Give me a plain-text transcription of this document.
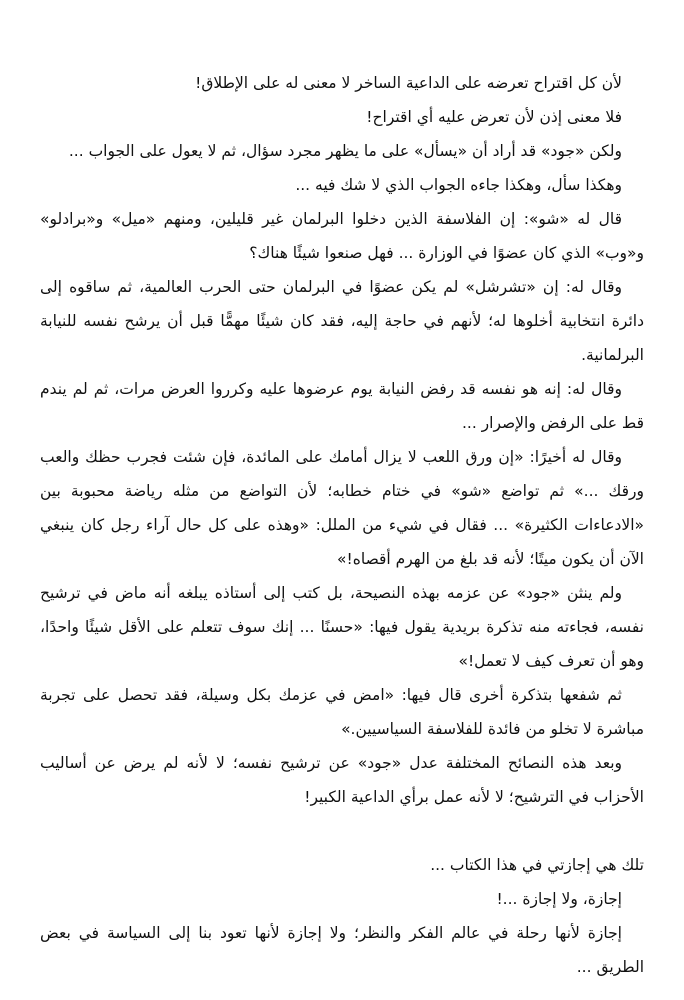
لأن كل اقتراح تعرضه على الداعية الساخر لا معنى له على الإطلاق!

فلا معنى إذن لأن تعرض عليه أي اقتراح!

ولكن «جود» قد أراد أن «يسأل» على ما يظهر مجرد سؤال، ثم لا يعول على الجواب ...

وهكذا سأل، وهكذا جاءه الجواب الذي لا شك فيه ...

قال له «شو»: إن الفلاسفة الذين دخلوا البرلمان غير قليلين، ومنهم «ميل» و«برادلو» و«وب» الذي كان عضوًا في الوزارة ... فهل صنعوا شيئًا هناك؟

وقال له: إن «تشرشل» لم يكن عضوًا في البرلمان حتى الحرب العالمية، ثم ساقوه إلى دائرة انتخابية أخلوها له؛ لأنهم في حاجة إليه، فقد كان شيئًا مهمًّا قبل أن يرشح نفسه للنيابة البرلمانية.

وقال له: إنه هو نفسه قد رفض النيابة يوم عرضوها عليه وكرروا العرض مرات، ثم لم يندم قط على الرفض والإصرار ...

وقال له أخيرًا: «إن ورق اللعب لا يزال أمامك على المائدة، فإن شئت فجرب حظك والعب ورقك ...» ثم تواضع «شو» في ختام خطابه؛ لأن التواضع من مثله رياضة محبوبة بين «الادعاءات الكثيرة» ... فقال في شيء من الملل: «وهذه على كل حال آراء رجل كان ينبغي الآن أن يكون ميتًا؛ لأنه قد بلغ من الهرم أقصاه!»

ولم ينثن «جود» عن عزمه بهذه النصيحة، بل كتب إلى أستاذه يبلغه أنه ماض في ترشيح نفسه، فجاءته منه تذكرة بريدية يقول فيها: «حسنًا ... إنك سوف تتعلم على الأقل شيئًا واحدًا، وهو أن تعرف كيف لا تعمل!»

ثم شفعها بتذكرة أخرى قال فيها: «امض في عزمك بكل وسيلة، فقد تحصل على تجربة مباشرة لا تخلو من فائدة للفلاسفة السياسيين.»

وبعد هذه النصائح المختلفة عدل «جود» عن ترشيح نفسه؛ لا لأنه لم يرض عن أساليب الأحزاب في الترشيح؛ لا لأنه عمل برأي الداعية الكبير!

تلك هي إجازتي في هذا الكتاب ...

إجازة، ولا إجازة ...!

إجازة لأنها رحلة في عالم الفكر والنظر؛ ولا إجازة لأنها تعود بنا إلى السياسة في بعض الطريق ...
